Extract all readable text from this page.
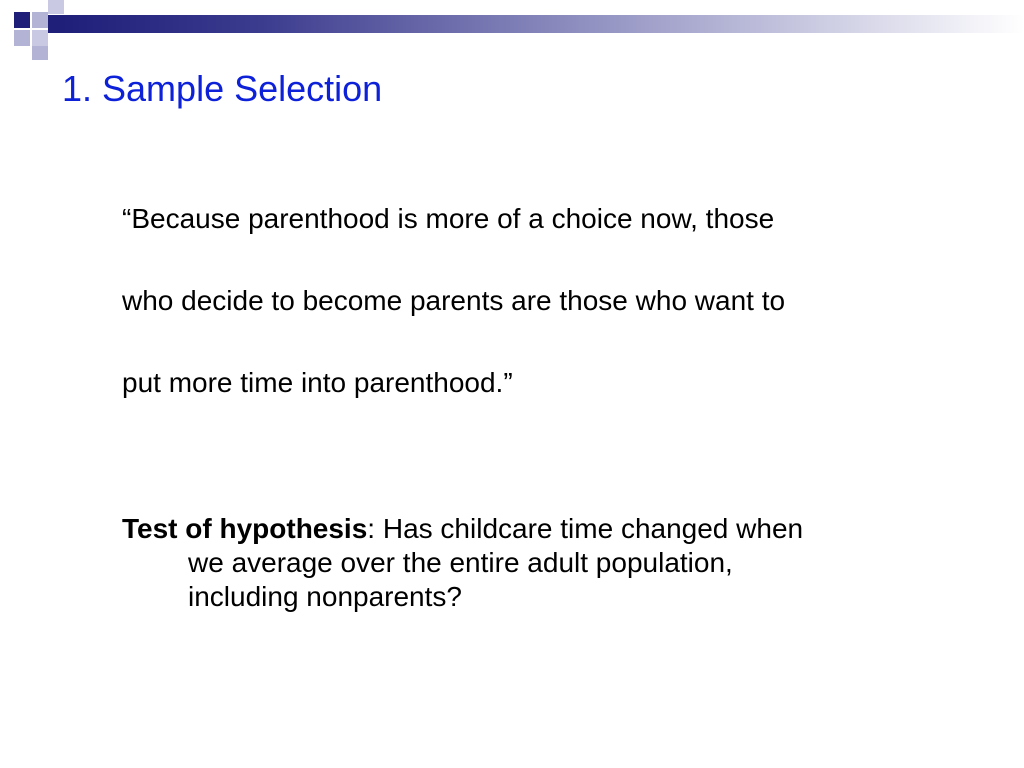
1. Sample Selection

“Because parenthood is more of a choice now, those

who decide to become parents are those who want to

put more time into parenthood.”

Test of hypothesis: Has childcare time changed when
we average over the entire adult population,
including nonparents?
